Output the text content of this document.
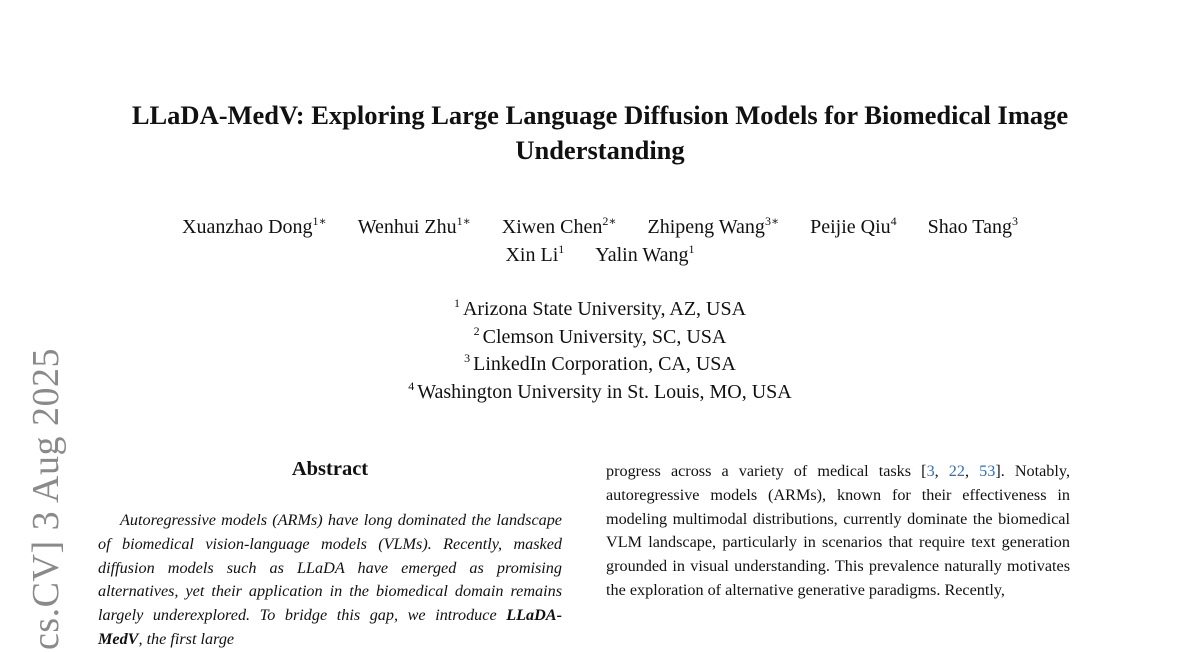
cs.CV] 3 Aug 2025
LLaDA-MedV: Exploring Large Language Diffusion Models for Biomedical Image Understanding
Xuanzhao Dong$^{1∗}$ Wenhui Zhu$^{1∗}$ Xiwen Chen$^{2∗}$ Zhipeng Wang$^{3∗}$ Peijie Qiu$^4$ Shao Tang$^3$
Xin Li$^1$ Yalin Wang$^1$
$^1$ Arizona State University, AZ, USA
$^2$ Clemson University, SC, USA
$^3$ LinkedIn Corporation, CA, USA
$^4$ Washington University in St. Louis, MO, USA
Abstract
Autoregressive models (ARMs) have long dominated the landscape of biomedical vision-language models (VLMs). Recently, masked diffusion models such as LLaDA have emerged as promising alternatives, yet their application in the biomedical domain remains largely underexplored. To bridge this gap, we introduce LLaDA-MedV, the first large
progress across a variety of medical tasks [3, 22, 53]. Notably, autoregressive models (ARMs), known for their effectiveness in modeling multimodal distributions, currently dominate the biomedical VLM landscape, particularly in scenarios that require text generation grounded in visual understanding. This prevalence naturally motivates the exploration of alternative generative paradigms. Recently,
